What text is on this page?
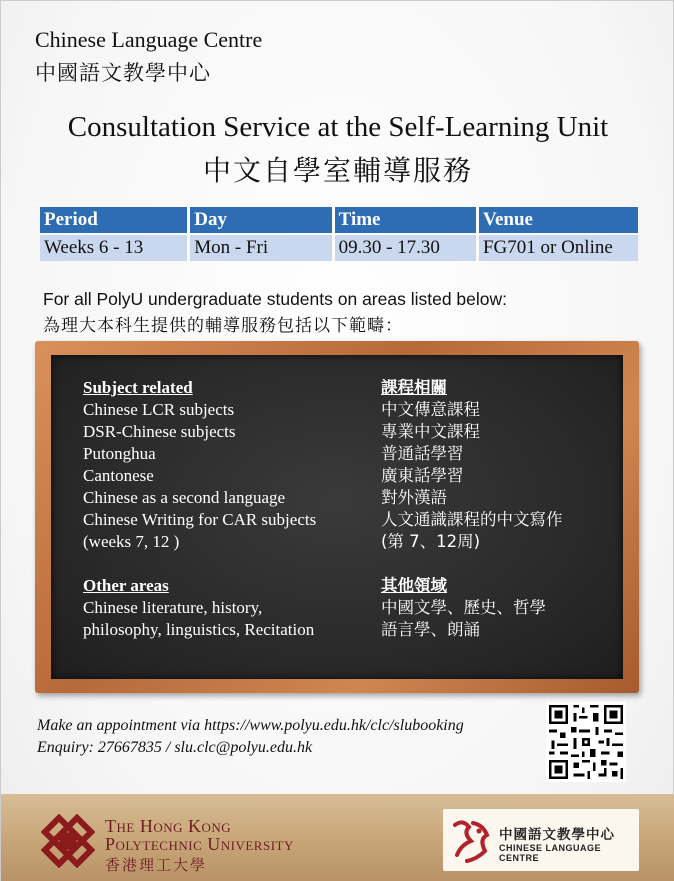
Chinese Language Centre
中國語文教學中心
Consultation Service at the Self-Learning Unit
中文自學室輔導服務
Period	Day	Time	Venue
Weeks 6 - 13	Mon - Fri	09.30 - 17.30	FG701 or Online
For all PolyU undergraduate students on areas listed below:
為理大本科生提供的輔導服務包括以下範疇：
Subject related
Chinese LCR subjects
DSR-Chinese subjects
Putonghua
Cantonese
Chinese as a second language
Chinese Writing for CAR subjects
(weeks 7, 12 )
Other areas
Chinese literature, history,
philosophy, linguistics, Recitation
課程相關
中文傳意課程
專業中文課程
普通話學習
廣東話學習
對外漢語
人文通識課程的中文寫作
(第 7、12周)
其他領域
中國文學、歷史、哲學
語言學、朗誦
Make an appointment via https://www.polyu.edu.hk/clc/slubooking
Enquiry: 27667835 / slu.clc@polyu.edu.hk
The Hong Kong
Polytechnic University
香港理工大學
中國語文教學中心
CHINESE LANGUAGE CENTRE
